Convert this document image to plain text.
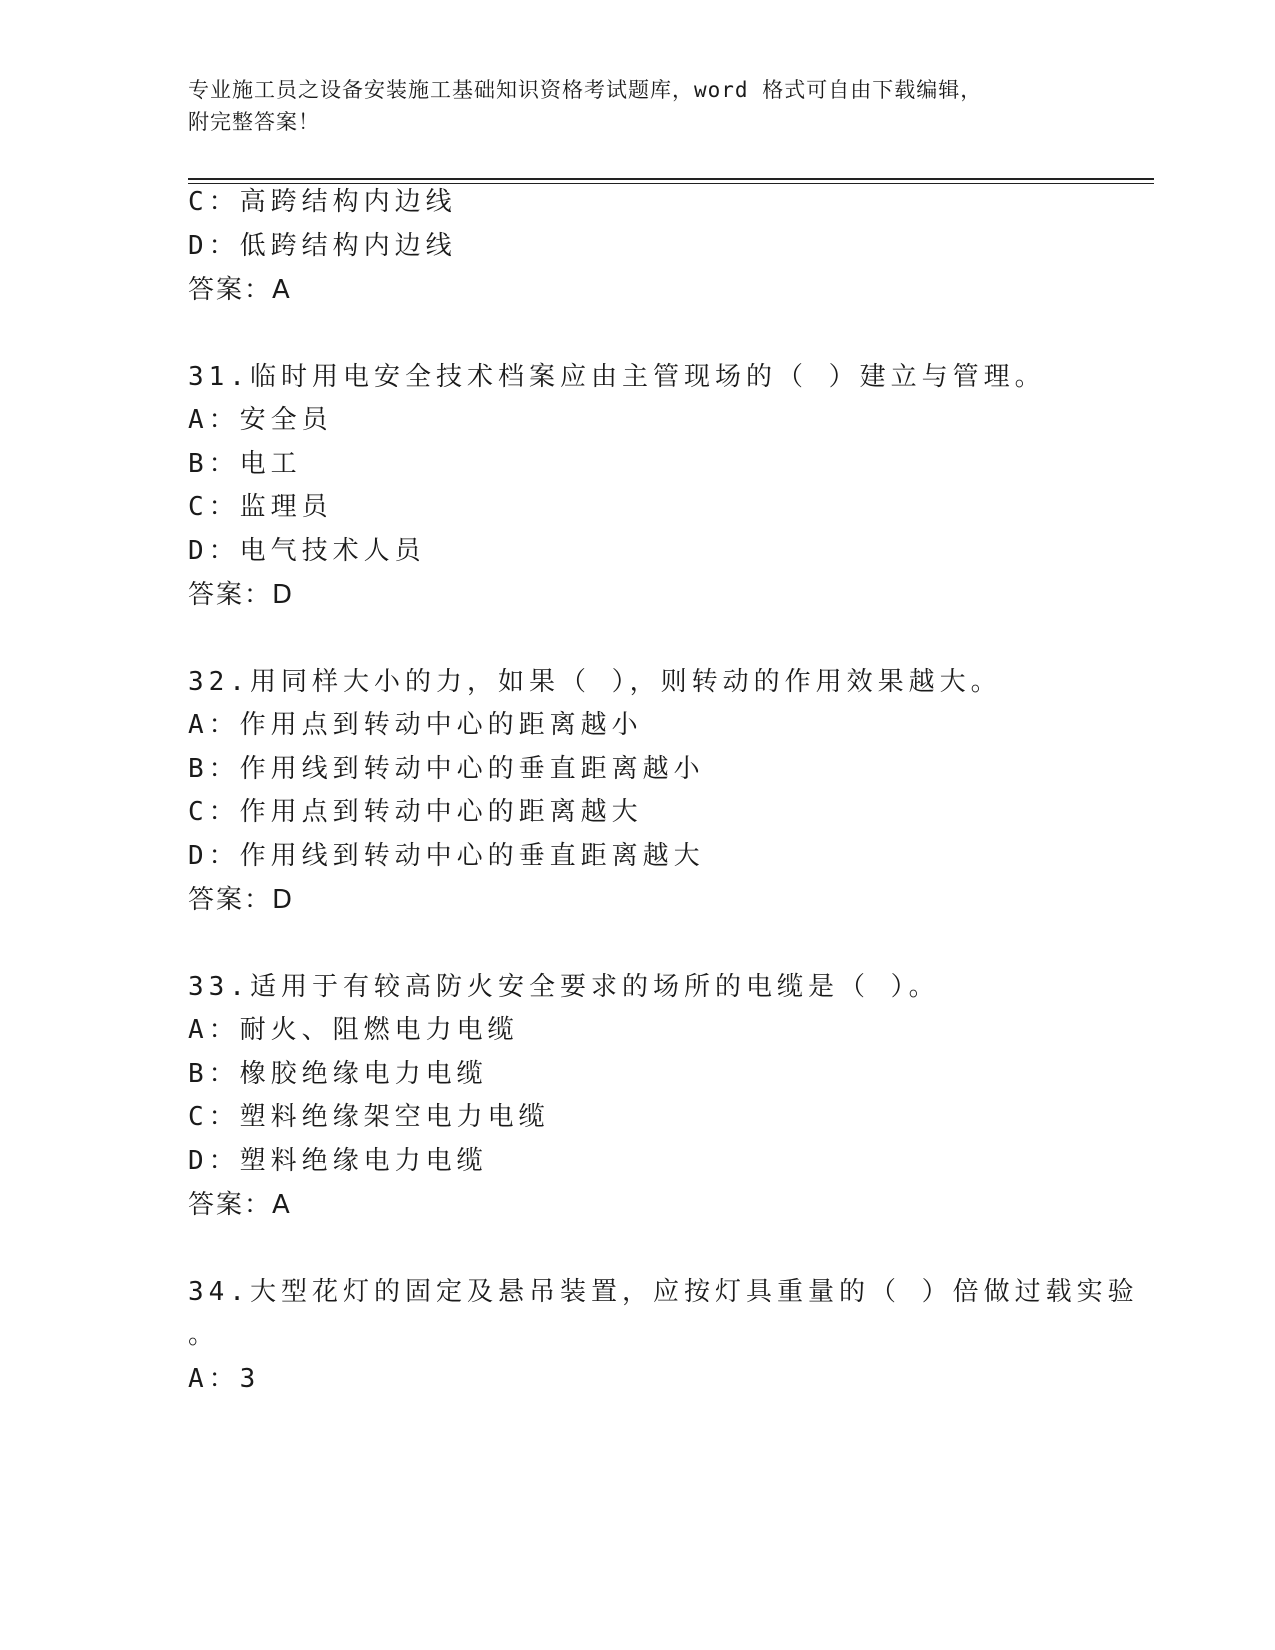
专业施工员之设备安装施工基础知识资格考试题库，word 格式可自由下载编辑，
附完整答案！
C：高跨结构内边线
D：低跨结构内边线
答案：A
31.临时用电安全技术档案应由主管现场的（ ）建立与管理。
A：安全员
B：电工
C：监理员
D：电气技术人员
答案：D
32.用同样大小的力，如果（ ），则转动的作用效果越大。
A：作用点到转动中心的距离越小
B：作用线到转动中心的垂直距离越小
C：作用点到转动中心的距离越大
D：作用线到转动中心的垂直距离越大
答案：D
33.适用于有较高防火安全要求的场所的电缆是（ ）。
A：耐火、阻燃电力电缆
B：橡胶绝缘电力电缆
C：塑料绝缘架空电力电缆
D：塑料绝缘电力电缆
答案：A
34.大型花灯的固定及悬吊装置，应按灯具重量的（ ）倍做过载实验
。
A：3
